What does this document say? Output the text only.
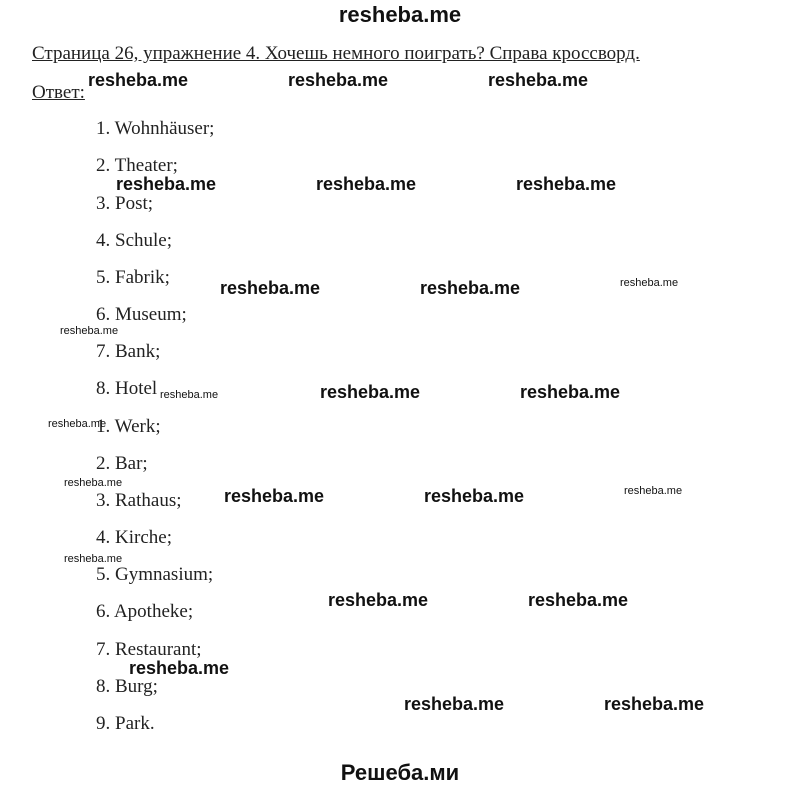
resheba.me
Страница 26, упражнение 4. Хочешь немного поиграть? Справа кроссворд.
Ответ:
1. Wohnhäuser;
2. Theater;
3. Post;
4. Schule;
5. Fabrik;
6. Museum;
7. Bank;
8. Hotel
1. Werk;
2. Bar;
3. Rathaus;
4. Kirche;
5. Gymnasium;
6. Apotheke;
7. Restaurant;
8. Burg;
9. Park.
resheba.me	resheba.me	resheba.me
resheba.me	resheba.me	resheba.me
resheba.me	resheba.me	resheba.me
resheba.me
resheba.me	resheba.me	resheba.me
resheba.me
resheba.me
resheba.me	resheba.me	resheba.me
resheba.me
resheba.me	resheba.me
resheba.me
resheba.me	resheba.me
Решеба.ми
